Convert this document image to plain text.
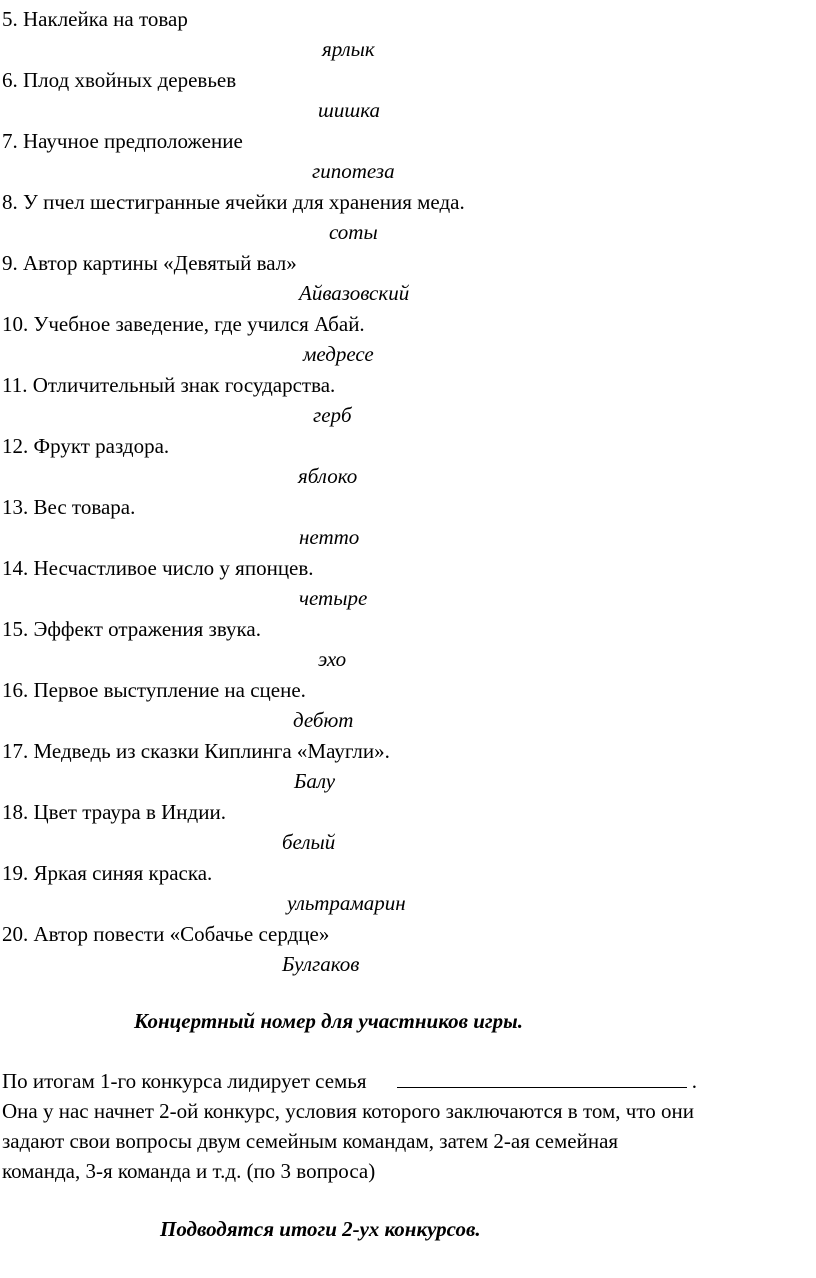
5. Наклейка на товар
ярлык
6. Плод хвойных деревьев
шишка
7. Научное предположение
гипотеза
8. У пчел шестигранные ячейки для хранения меда.
соты
9. Автор картины «Девятый вал»
Айвазовский
10. Учебное заведение, где учился Абай.
медресе
11. Отличительный знак государства.
герб
12. Фрукт раздора.
яблоко
13. Вес товара.
нетто
14. Несчастливое число у японцев.
четыре
15. Эффект отражения звука.
эхо
16. Первое выступление на сцене.
дебют
17. Медведь из сказки Киплинга «Маугли».
Балу
18. Цвет траура в Индии.
белый
19. Яркая синяя краска.
ультрамарин
20. Автор повести «Собачье сердце»
Булгаков
Концертный номер для участников игры.
По итогам 1-го конкурса лидирует семья	.
Она у нас начнет 2-ой конкурс, условия которого заключаются в том, что они
задают свои вопросы двум семейным командам, затем 2-ая семейная
команда, 3-я команда и т.д. (по 3 вопроса)
Подводятся итоги 2-ух конкурсов.
